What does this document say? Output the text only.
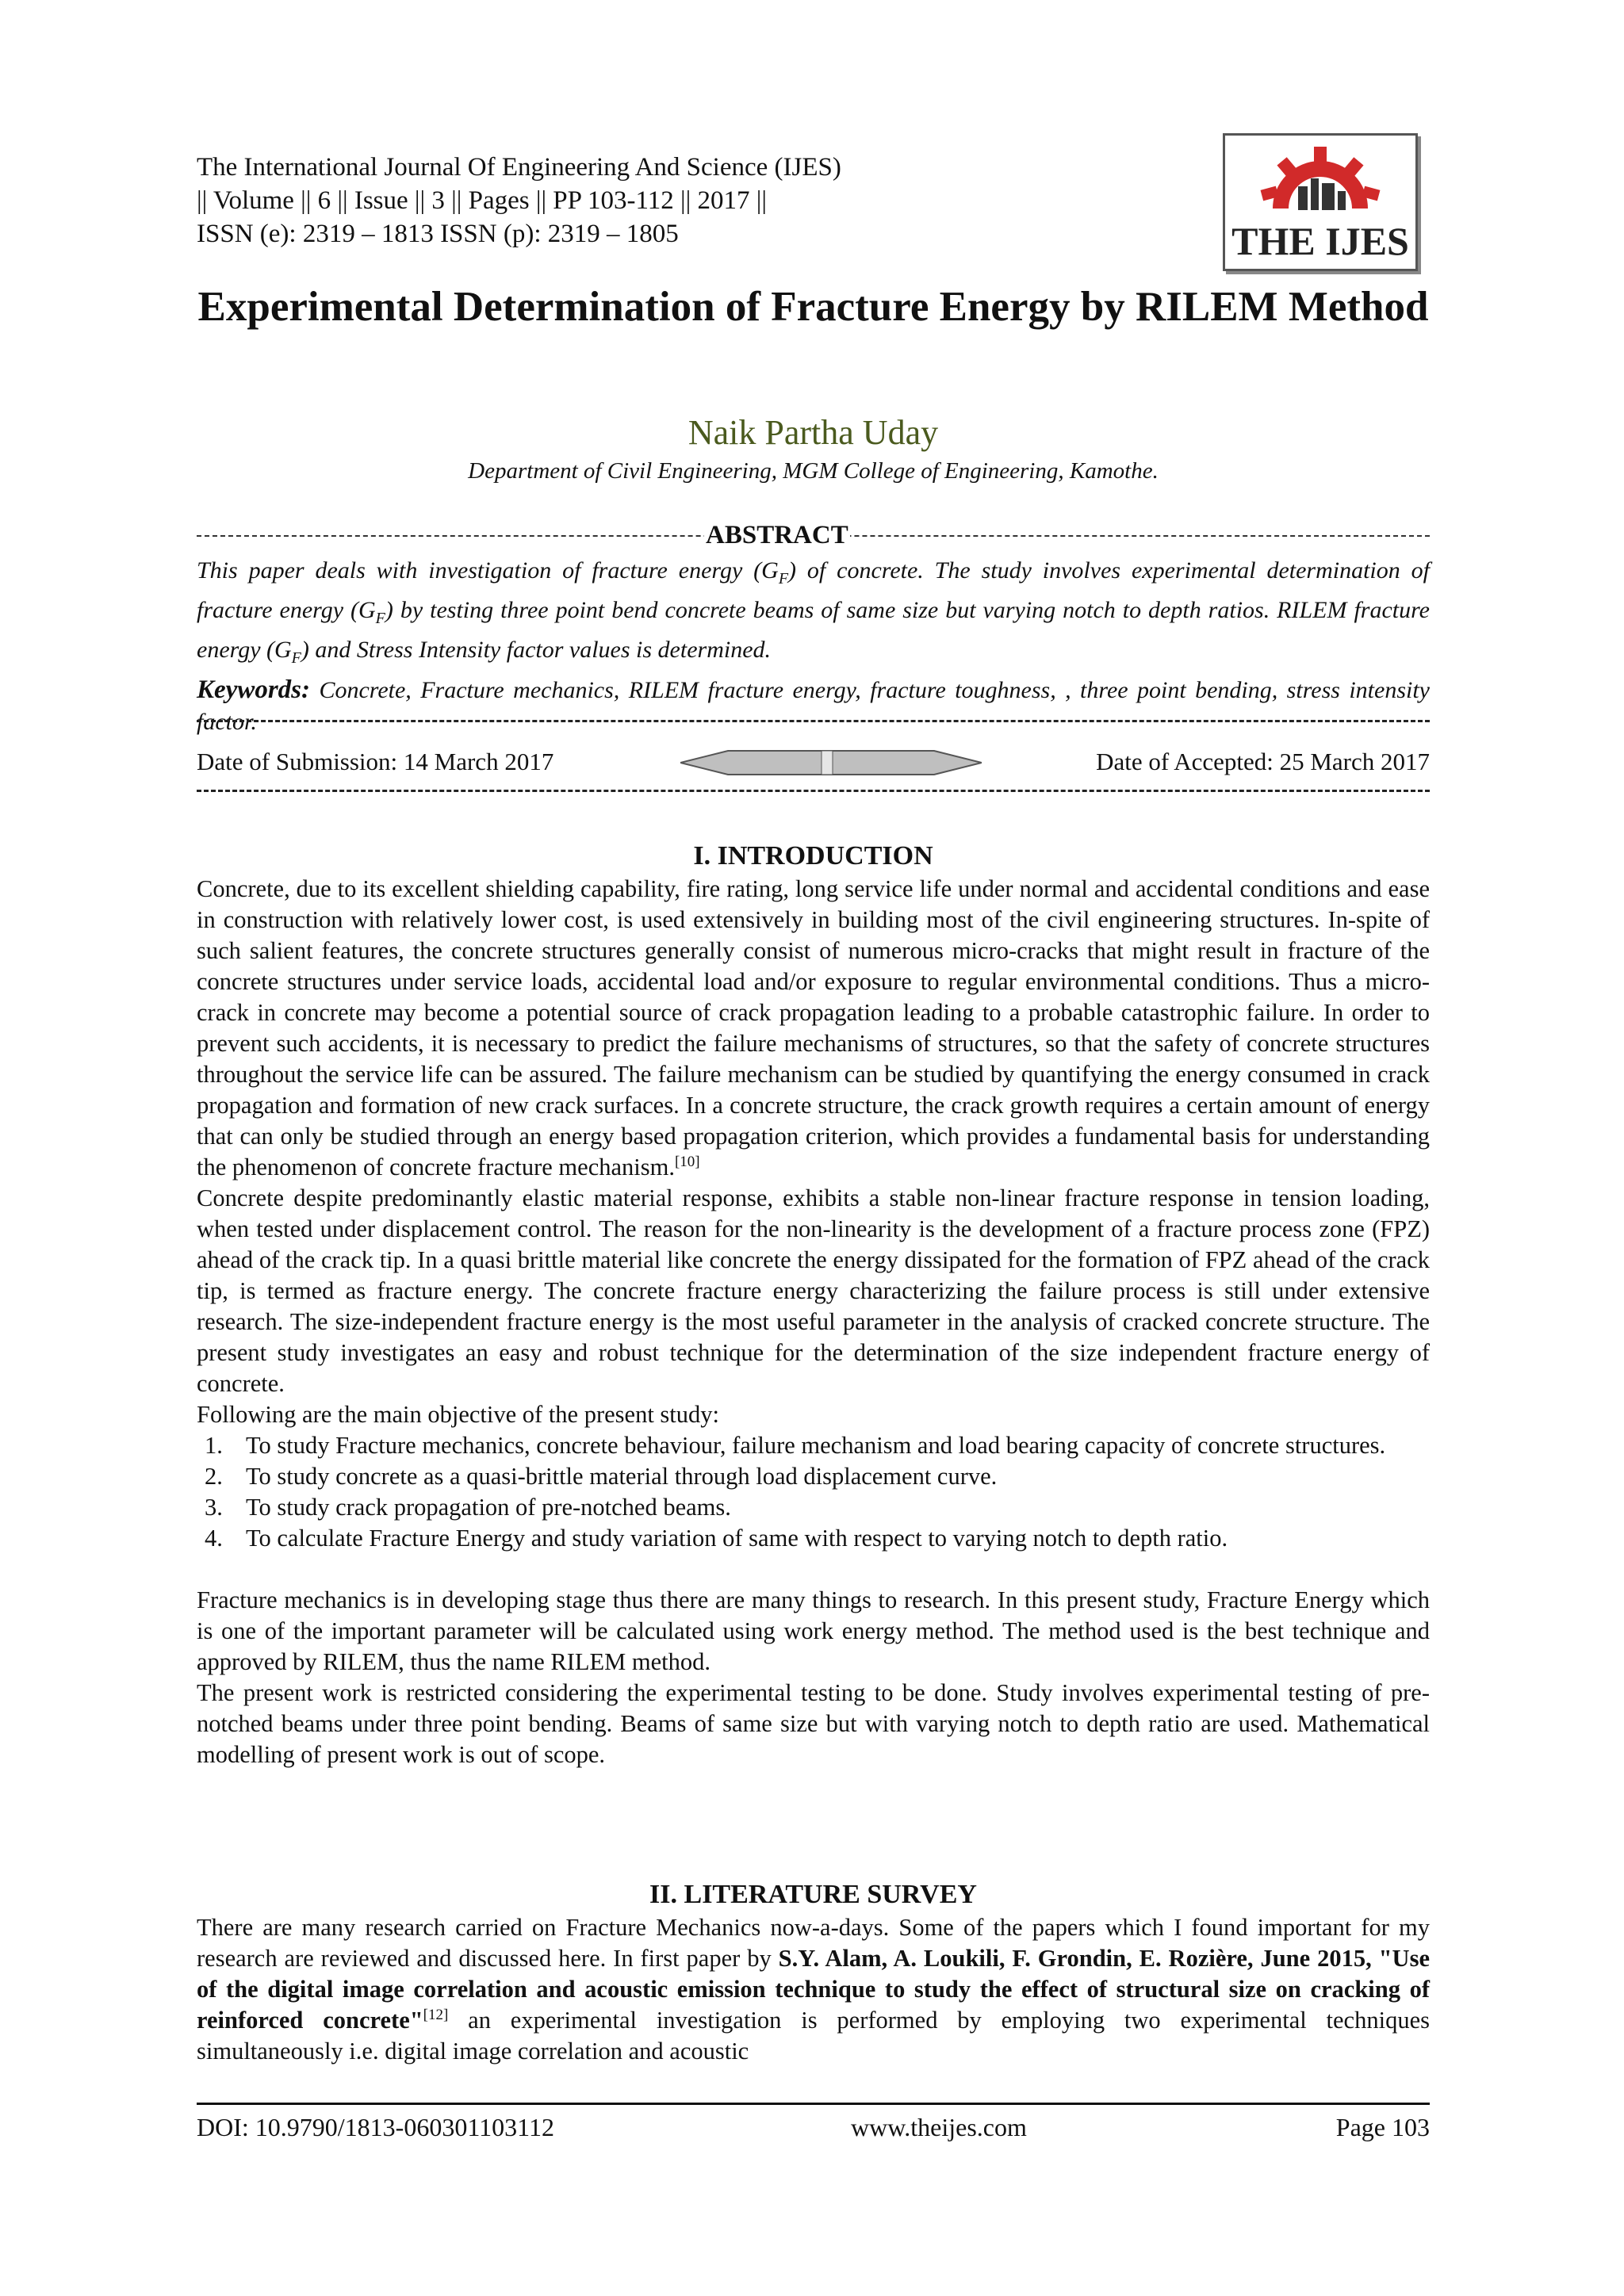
The International Journal Of Engineering And Science (IJES)
|| Volume || 6 || Issue || 3 || Pages || PP 103-112 || 2017 ||
ISSN (e): 2319 – 1813 ISSN (p): 2319 – 1805	THE IJES
Experimental Determination of Fracture Energy by RILEM Method
Naik Partha Uday
Department of Civil Engineering, MGM College of Engineering, Kamothe.
ABSTRACT
This paper deals with investigation of fracture energy $(G_F)$ of concrete. The study involves experimental determination of fracture energy $(G_F)$ by testing three point bend concrete beams of same size but varying notch to depth ratios. RILEM fracture energy $(G_F)$ and Stress Intensity factor values is determined.
Keywords: Concrete, Fracture mechanics, RILEM fracture energy, fracture toughness, , three point bending, stress intensity factor.
Date of Submission: 14 March 2017	Date of Accepted: 25 March 2017
I. INTRODUCTION

Concrete, due to its excellent shielding capability, fire rating, long service life under normal and accidental conditions and ease in construction with relatively lower cost, is used extensively in building most of the civil engineering structures. In-spite of such salient features, the concrete structures generally consist of numerous micro-cracks that might result in fracture of the concrete structures under service loads, accidental load and/or exposure to regular environmental conditions. Thus a micro-crack in concrete may become a potential source of crack propagation leading to a probable catastrophic failure. In order to prevent such accidents, it is necessary to predict the failure mechanisms of structures, so that the safety of concrete structures throughout the service life can be assured. The failure mechanism can be studied by quantifying the energy consumed in crack propagation and formation of new crack surfaces. In a concrete structure, the crack growth requires a certain amount of energy that can only be studied through an energy based propagation criterion, which provides a fundamental basis for understanding the phenomenon of concrete fracture mechanism.[10]

Concrete despite predominantly elastic material response, exhibits a stable non-linear fracture response in tension loading, when tested under displacement control. The reason for the non-linearity is the development of a fracture process zone (FPZ) ahead of the crack tip. In a quasi brittle material like concrete the energy dissipated for the formation of FPZ ahead of the crack tip, is termed as fracture energy. The concrete fracture energy characterizing the failure process is still under extensive research. The size-independent fracture energy is the most useful parameter in the analysis of cracked concrete structure. The present study investigates an easy and robust technique for the determination of the size independent fracture energy of concrete.

Following are the main objective of the present study:

1. To study Fracture mechanics, concrete behaviour, failure mechanism and load bearing capacity of concrete structures.
2. To study concrete as a quasi-brittle material through load displacement curve.
3. To study crack propagation of pre-notched beams.
4. To calculate Fracture Energy and study variation of same with respect to varying notch to depth ratio.

Fracture mechanics is in developing stage thus there are many things to research. In this present study, Fracture Energy which is one of the important parameter will be calculated using work energy method. The method used is the best technique and approved by RILEM, thus the name RILEM method.

The present work is restricted considering the experimental testing to be done. Study involves experimental testing of pre-notched beams under three point bending. Beams of same size but with varying notch to depth ratio are used. Mathematical modelling of present work is out of scope.

II. LITERATURE SURVEY

There are many research carried on Fracture Mechanics now-a-days. Some of the papers which I found important for my research are reviewed and discussed here. In first paper by S.Y. Alam, A. Loukili, F. Grondin, E. Rozière, June 2015, "Use of the digital image correlation and acoustic emission technique to study the effect of structural size on cracking of reinforced concrete"[12] an experimental investigation is performed by employing two experimental techniques simultaneously i.e. digital image correlation and acoustic

DOI: 10.9790/1813-060301103112	www.theijes.com	Page 103
